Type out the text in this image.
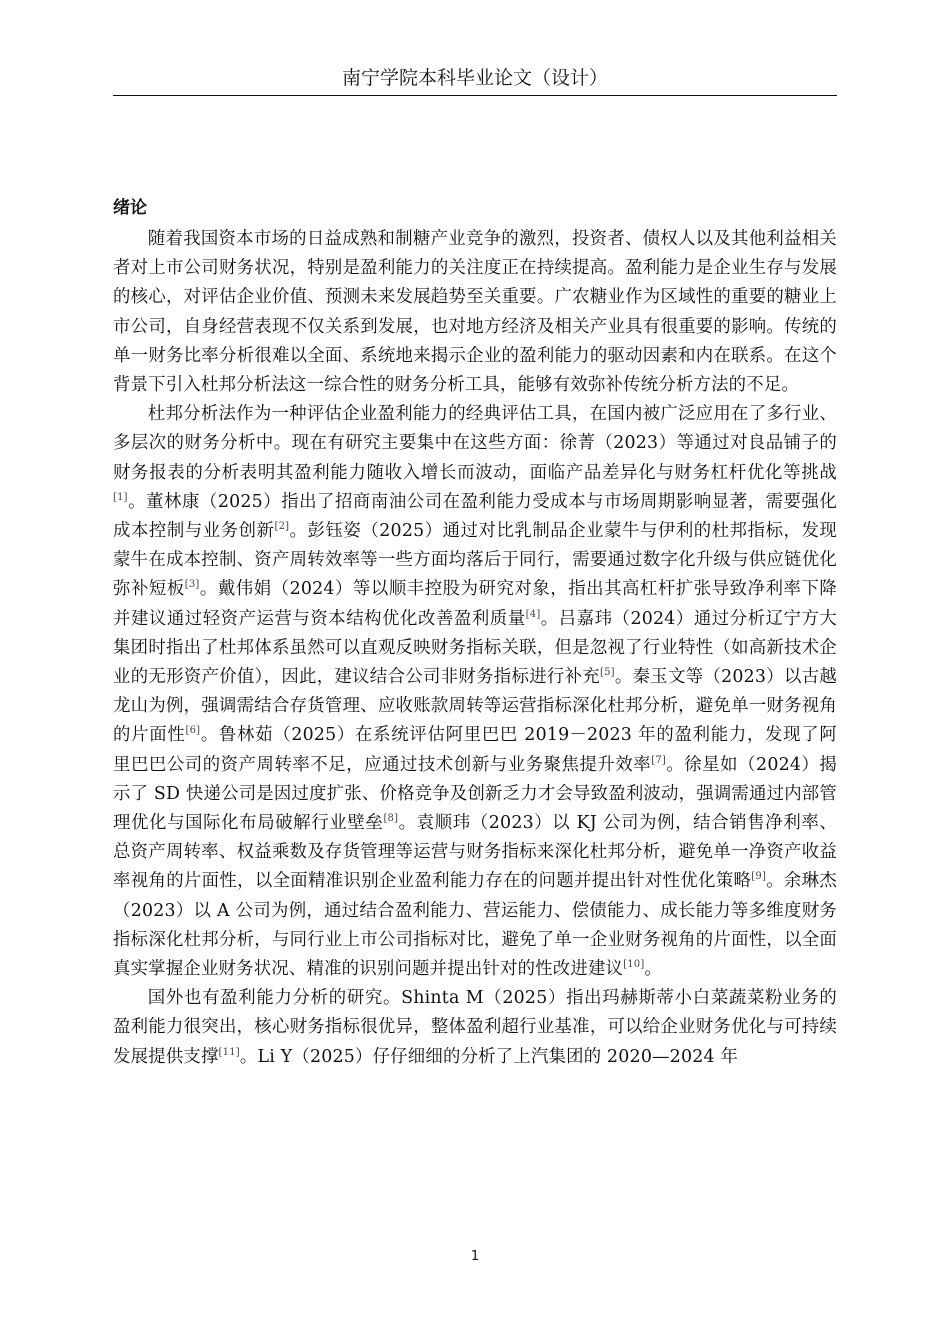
南宁学院本科毕业论文（设计）
绪论

随着我国资本市场的日益成熟和制糖产业竞争的激烈，投资者、债权人以及其他利益相关者对上市公司财务状况，特别是盈利能力的关注度正在持续提高。盈利能力是企业生存与发展的核心，对评估企业价值、预测未来发展趋势至关重要。广农糖业作为区域性的重要的糖业上市公司，自身经营表现不仅关系到发展，也对地方经济及相关产业具有很重要的影响。传统的单一财务比率分析很难以全面、系统地来揭示企业的盈利能力的驱动因素和内在联系。在这个背景下引入杜邦分析法这一综合性的财务分析工具，能够有效弥补传统分析方法的不足。

杜邦分析法作为一种评估企业盈利能力的经典评估工具，在国内被广泛应用在了多行业、多层次的财务分析中。现在有研究主要集中在这些方面：徐菁（2023）等通过对良品铺子的财务报表的分析表明其盈利能力随收入增长而波动，面临产品差异化与财务杠杆优化等挑战[1]。董林康（2025）指出了招商南油公司在盈利能力受成本与市场周期影响显著，需要强化成本控制与业务创新[2]。彭钰姿（2025）通过对比乳制品企业蒙牛与伊利的杜邦指标，发现蒙牛在成本控制、资产周转效率等一些方面均落后于同行，需要通过数字化升级与供应链优化弥补短板[3]。戴伟娟（2024）等以顺丰控股为研究对象，指出其高杠杆扩张导致净利率下降并建议通过轻资产运营与资本结构优化改善盈利质量[4]。吕嘉玮（2024）通过分析辽宁方大集团时指出了杜邦体系虽然可以直观反映财务指标关联，但是忽视了行业特性（如高新技术企业的无形资产价值），因此，建议结合公司非财务指标进行补充[5]。秦玉文等（2023）以古越龙山为例，强调需结合存货管理、应收账款周转等运营指标深化杜邦分析，避免单一财务视角的片面性[6]。鲁林茹（2025）在系统评估阿里巴巴 2019－2023 年的盈利能力，发现了阿里巴巴公司的资产周转率不足，应通过技术创新与业务聚焦提升效率[7]。徐星如（2024）揭示了 SD 快递公司是因过度扩张、价格竞争及创新乏力才会导致盈利波动，强调需通过内部管理优化与国际化布局破解行业壁垒[8]。袁顺玮（2023）以 KJ 公司为例，结合销售净利率、总资产周转率、权益乘数及存货管理等运营与财务指标来深化杜邦分析，避免单一净资产收益率视角的片面性，以全面精准识别企业盈利能力存在的问题并提出针对性优化策略[9]。余琳杰（2023）以 A 公司为例，通过结合盈利能力、营运能力、偿债能力、成长能力等多维度财务指标深化杜邦分析，与同行业上市公司指标对比，避免了单一企业财务视角的片面性，以全面真实掌握企业财务状况、精准的识别问题并提出针对的性改进建议[10]。

国外也有盈利能力分析的研究。Shinta M（2025）指出玛赫斯蒂小白菜蔬菜粉业务的盈利能力很突出，核心财务指标很优异，整体盈利超行业基准，可以给企业财务优化与可持续发展提供支撑[11]。Li Y（2025）仔仔细细的分析了上汽集团的 2020—2024 年

1
